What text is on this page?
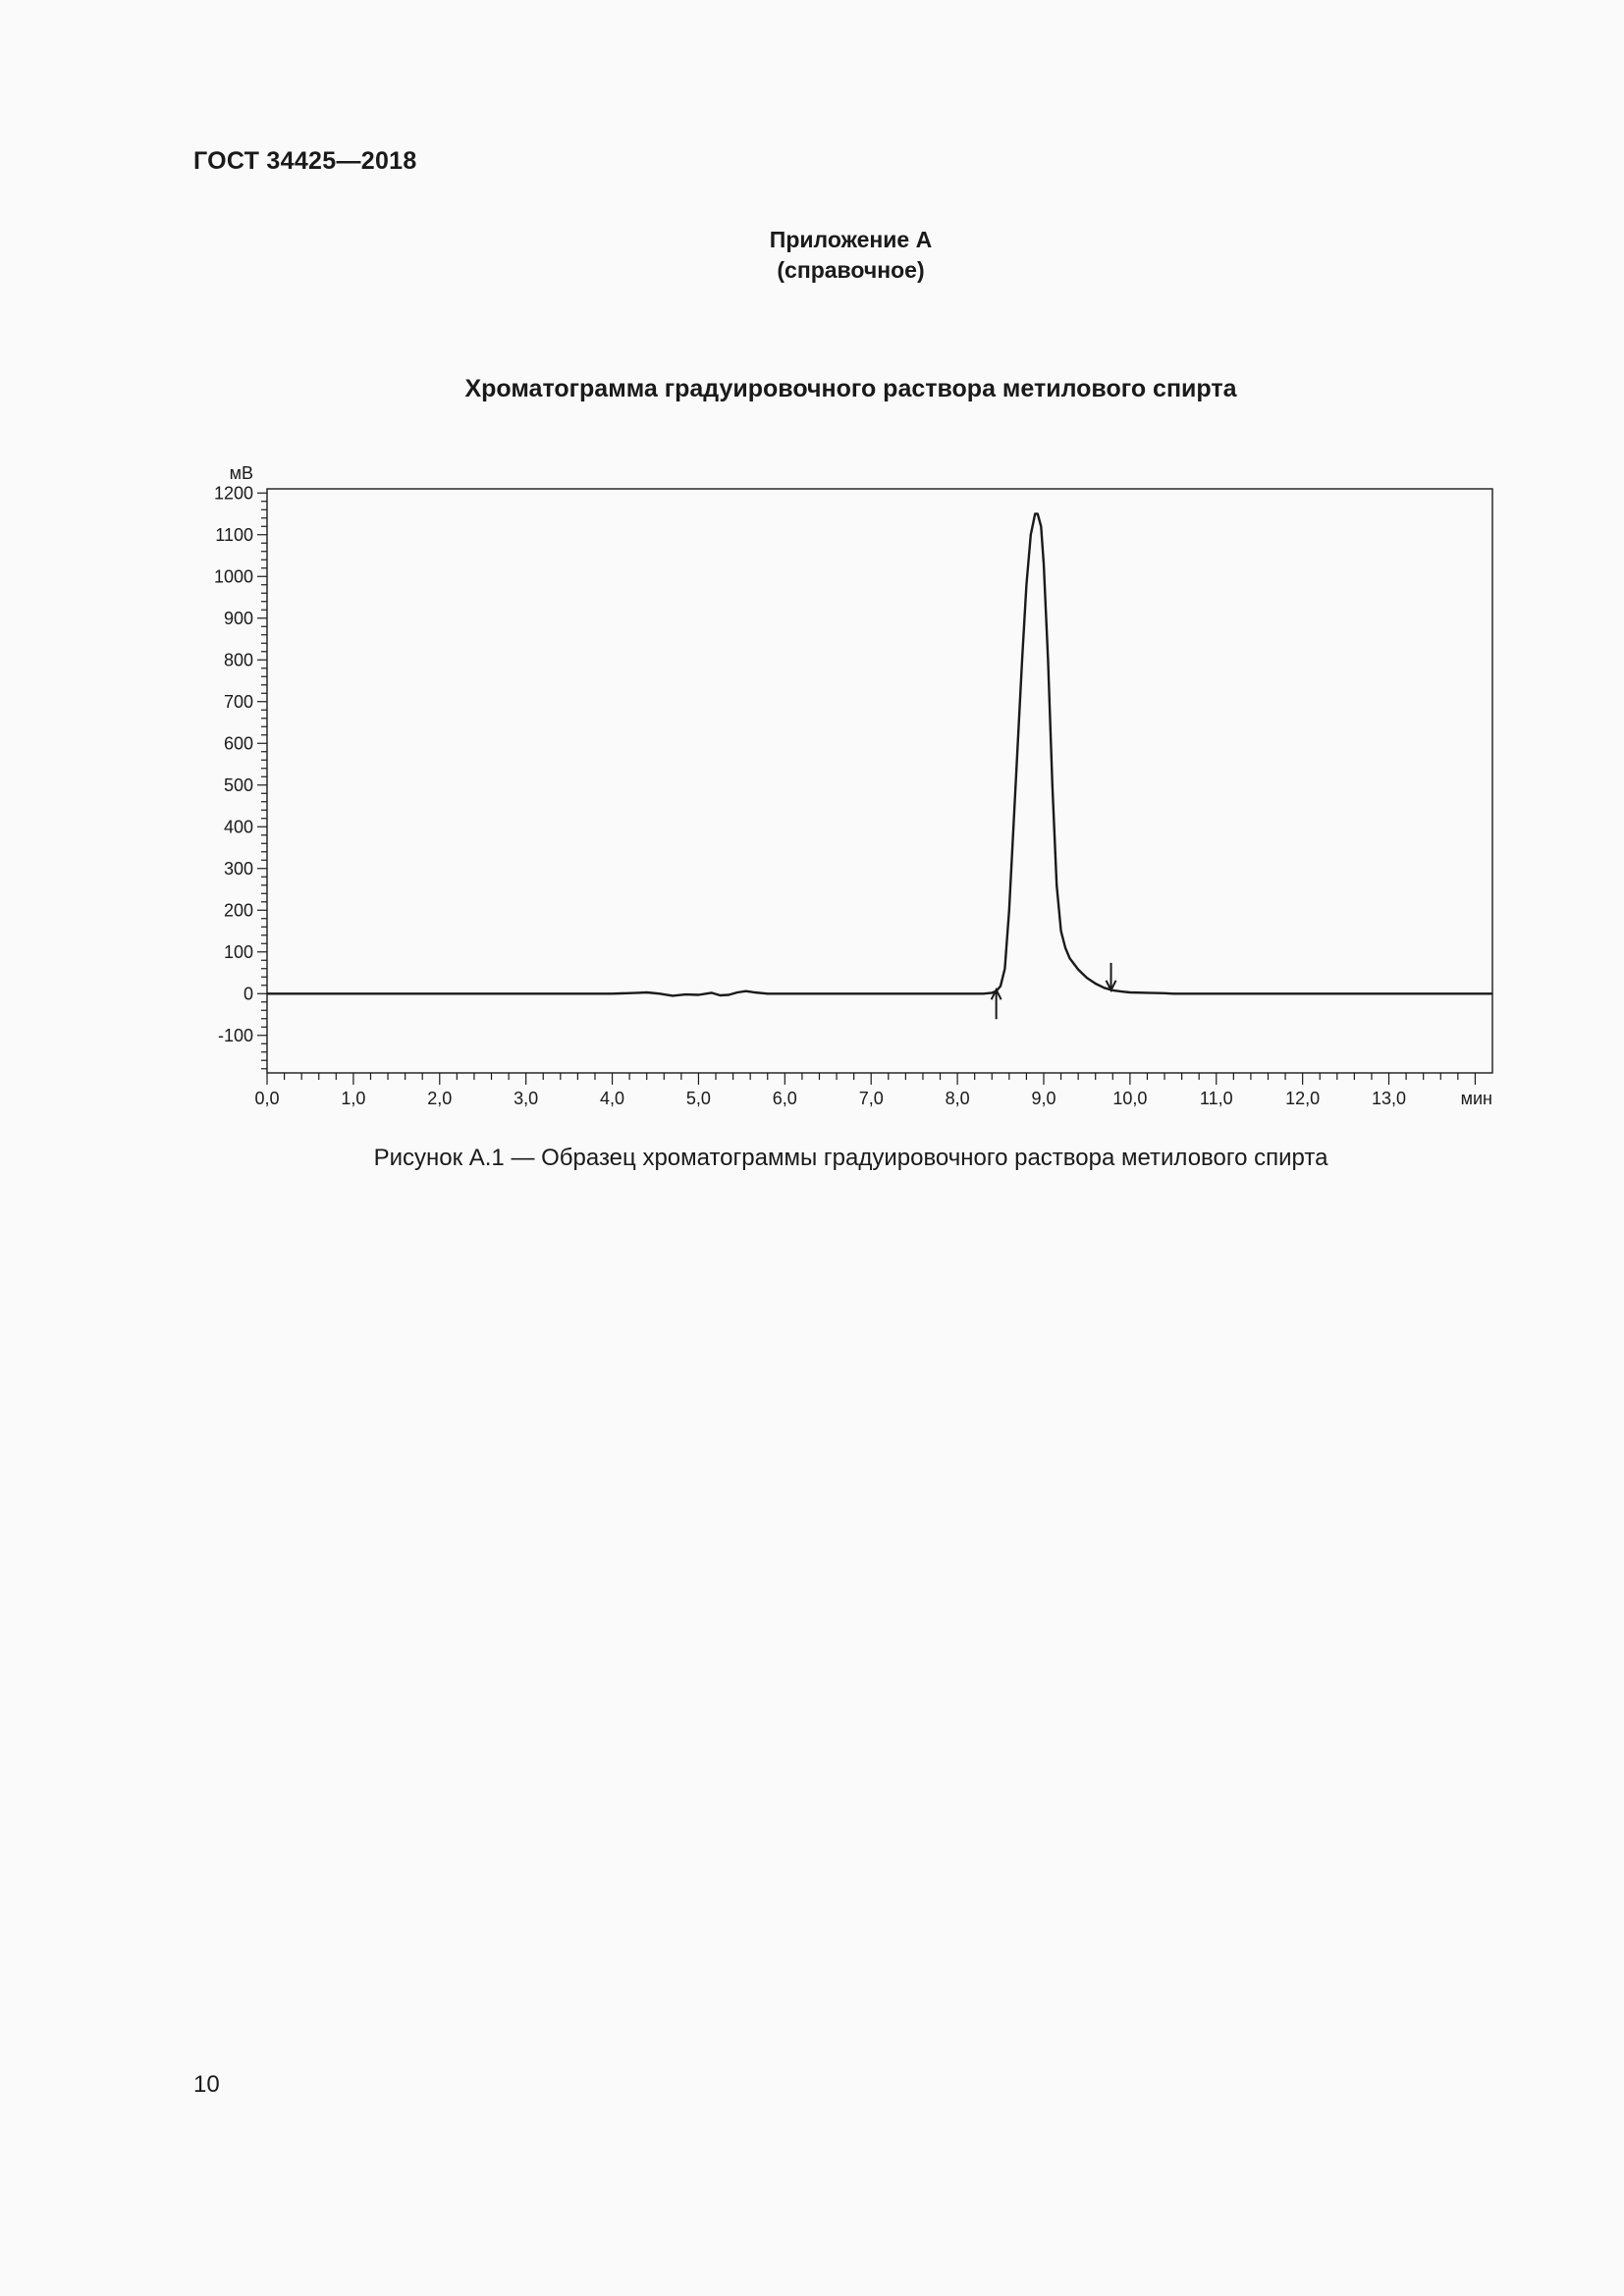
ГОСТ 34425—2018
Приложение А
(справочное)
Хроматограмма градуировочного раствора метилового спирта
-100
0
100
200
300
400
500
600
700
800
900
1000
1100
1200
мВ
0,0	1,0	2,0	3,0	4,0	5,0	6,0	7,0	8,0	9,0	10,0	11,0	12,0	13,0	мин
Рисунок А.1 — Образец хроматограммы градуировочного раствора метилового спирта
10
